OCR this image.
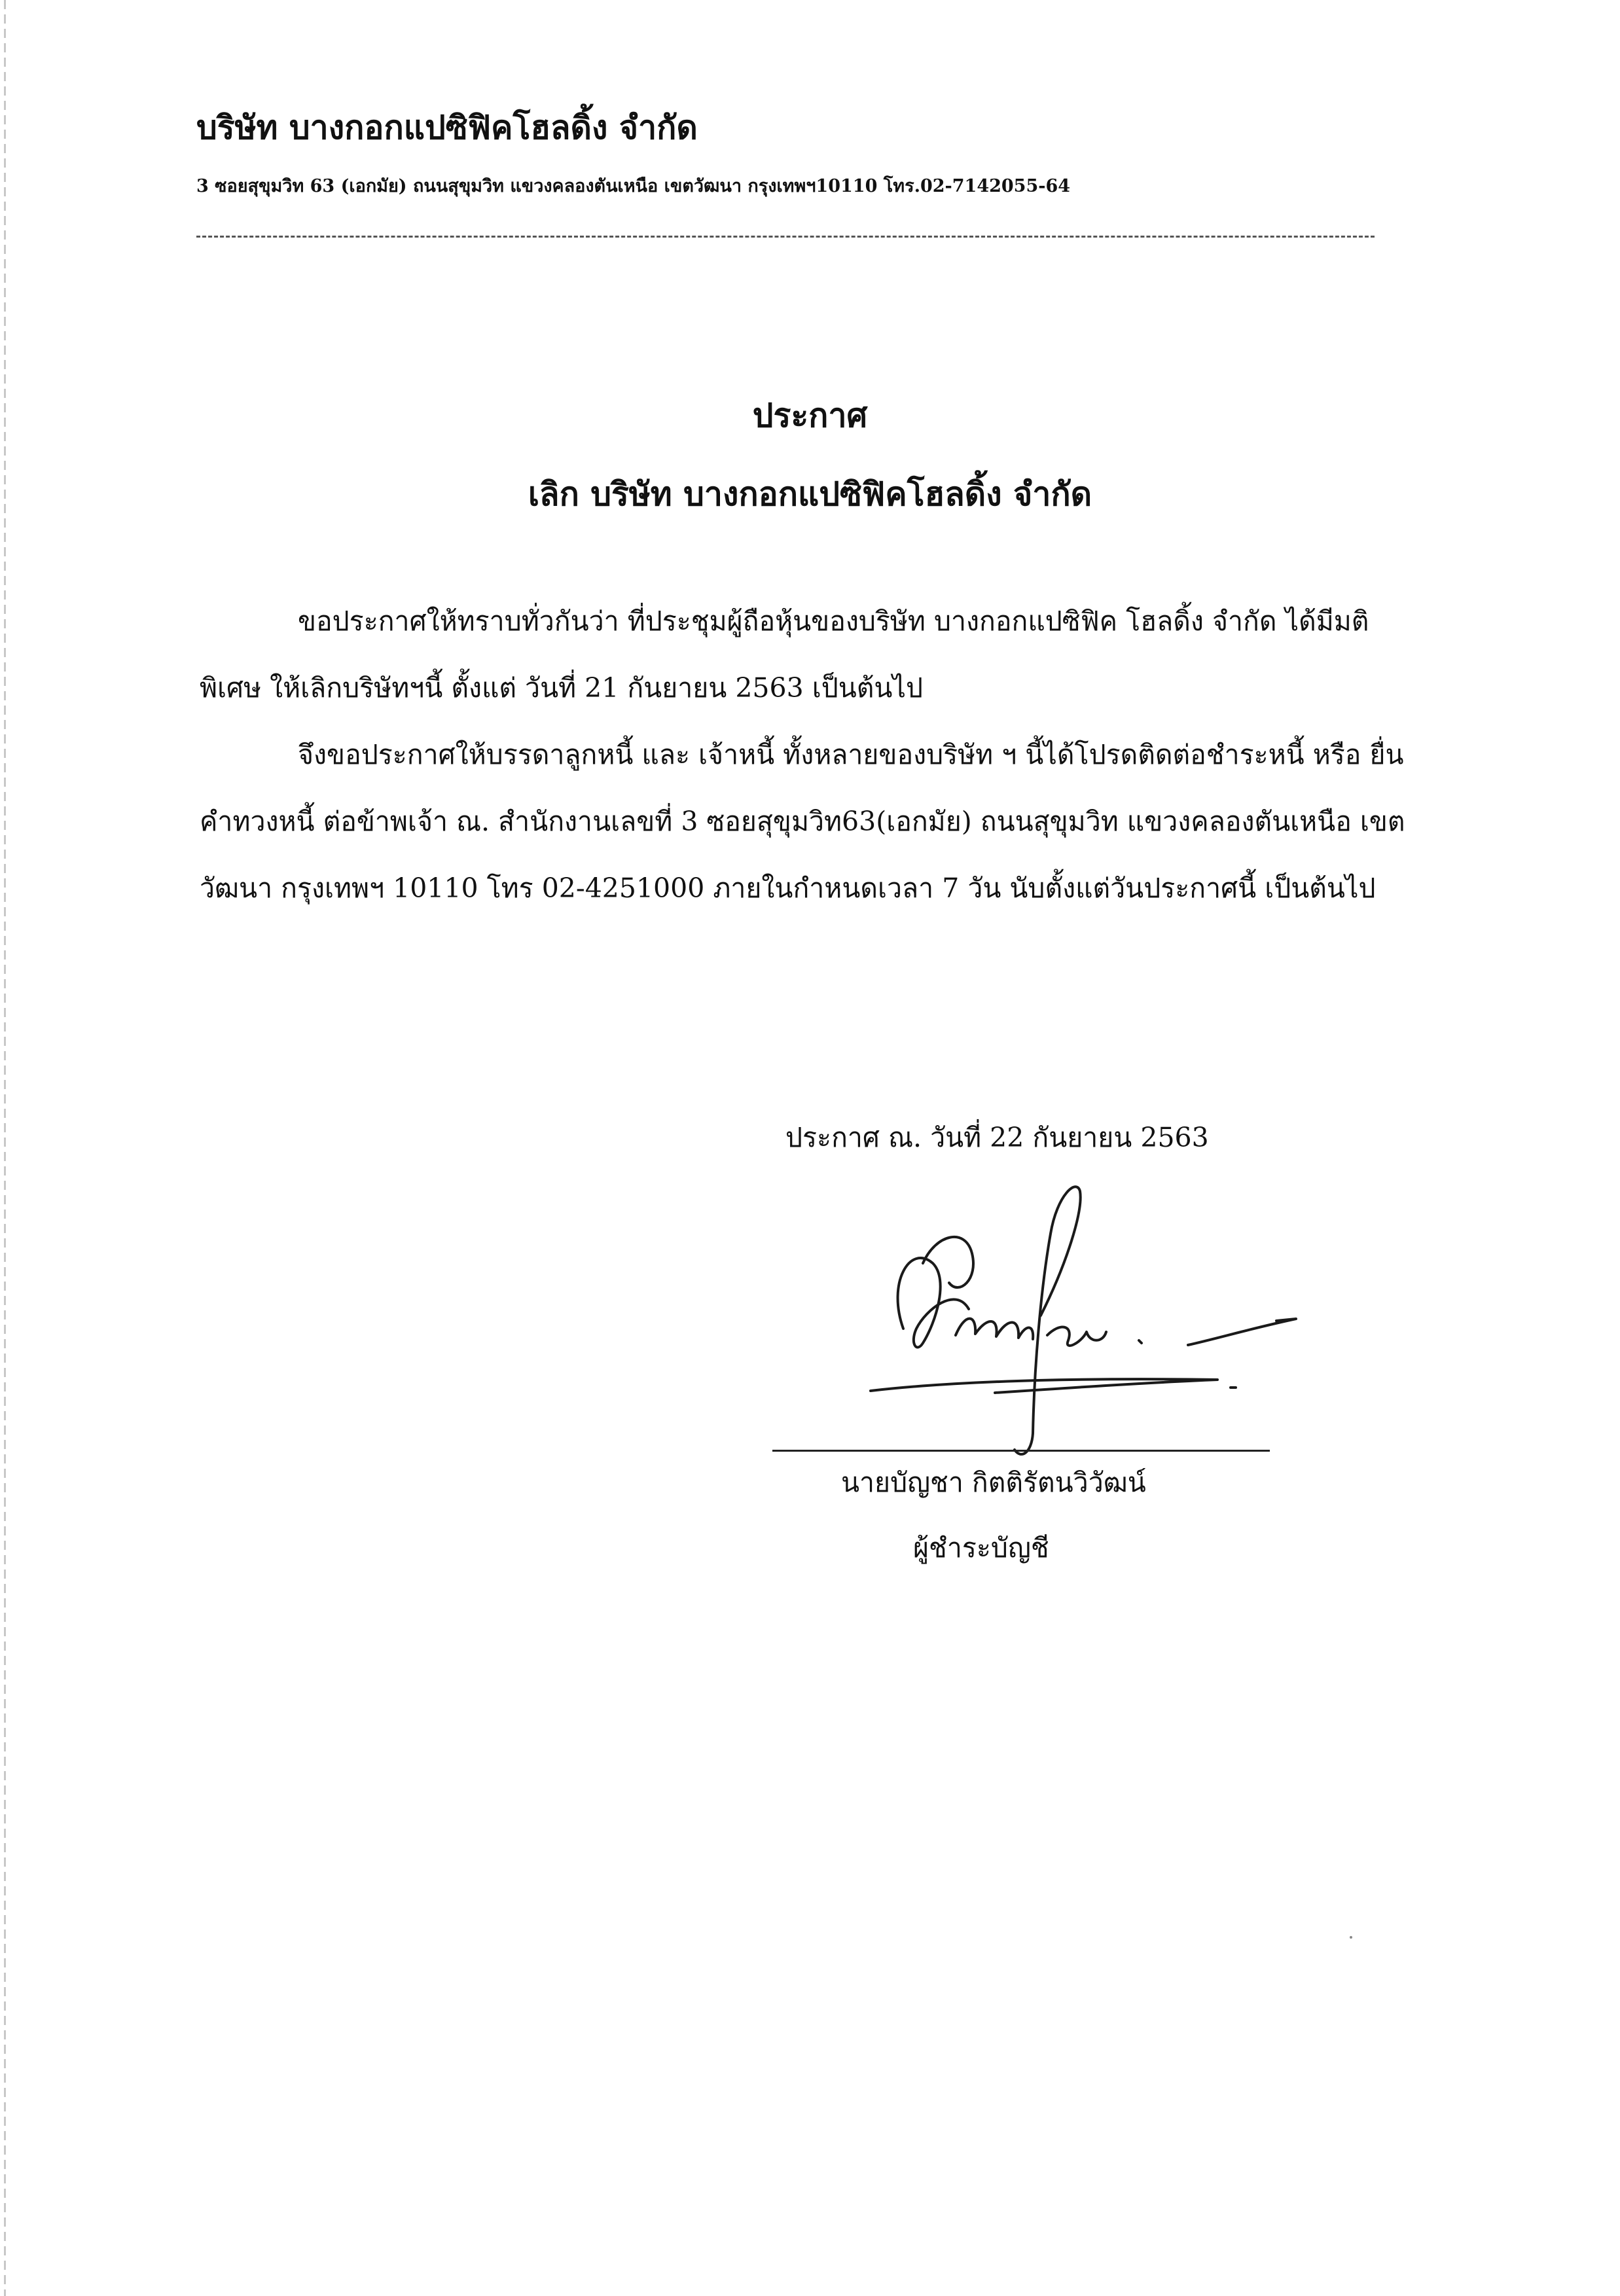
บริษัท บางกอกแปซิฟิคโฮลดิ้ง จำกัด
3 ซอยสุขุมวิท 63 (เอกมัย) ถนนสุขุมวิท แขวงคลองตันเหนือ เขตวัฒนา กรุงเทพฯ10110 โทร.02-7142055-64
ประกาศ
เลิก บริษัท บางกอกแปซิฟิคโฮลดิ้ง จำกัด
ขอประกาศให้ทราบทั่วกันว่า ที่ประชุมผู้ถือหุ้นของบริษัท บางกอกแปซิฟิค โฮลดิ้ง จำกัด ได้มีมติพิเศษ ให้เลิกบริษัทฯนี้ ตั้งแต่ วันที่ 21 กันยายน 2563 เป็นต้นไป
จึงขอประกาศให้บรรดาลูกหนี้ และ เจ้าหนี้ ทั้งหลายของบริษัท ฯ นี้ได้โปรดติดต่อชำระหนี้ หรือ ยื่นคำทวงหนี้ ต่อข้าพเจ้า ณ. สำนักงานเลขที่ 3 ซอยสุขุมวิท63(เอกมัย) ถนนสุขุมวิท แขวงคลองตันเหนือ เขตวัฒนา กรุงเทพฯ 10110 โทร 02-4251000 ภายในกำหนดเวลา 7 วัน นับตั้งแต่วันประกาศนี้ เป็นต้นไป
ประกาศ ณ. วันที่ 22 กันยายน 2563
นายบัญชา กิตติรัตนวิวัฒน์
ผู้ชำระบัญชี
